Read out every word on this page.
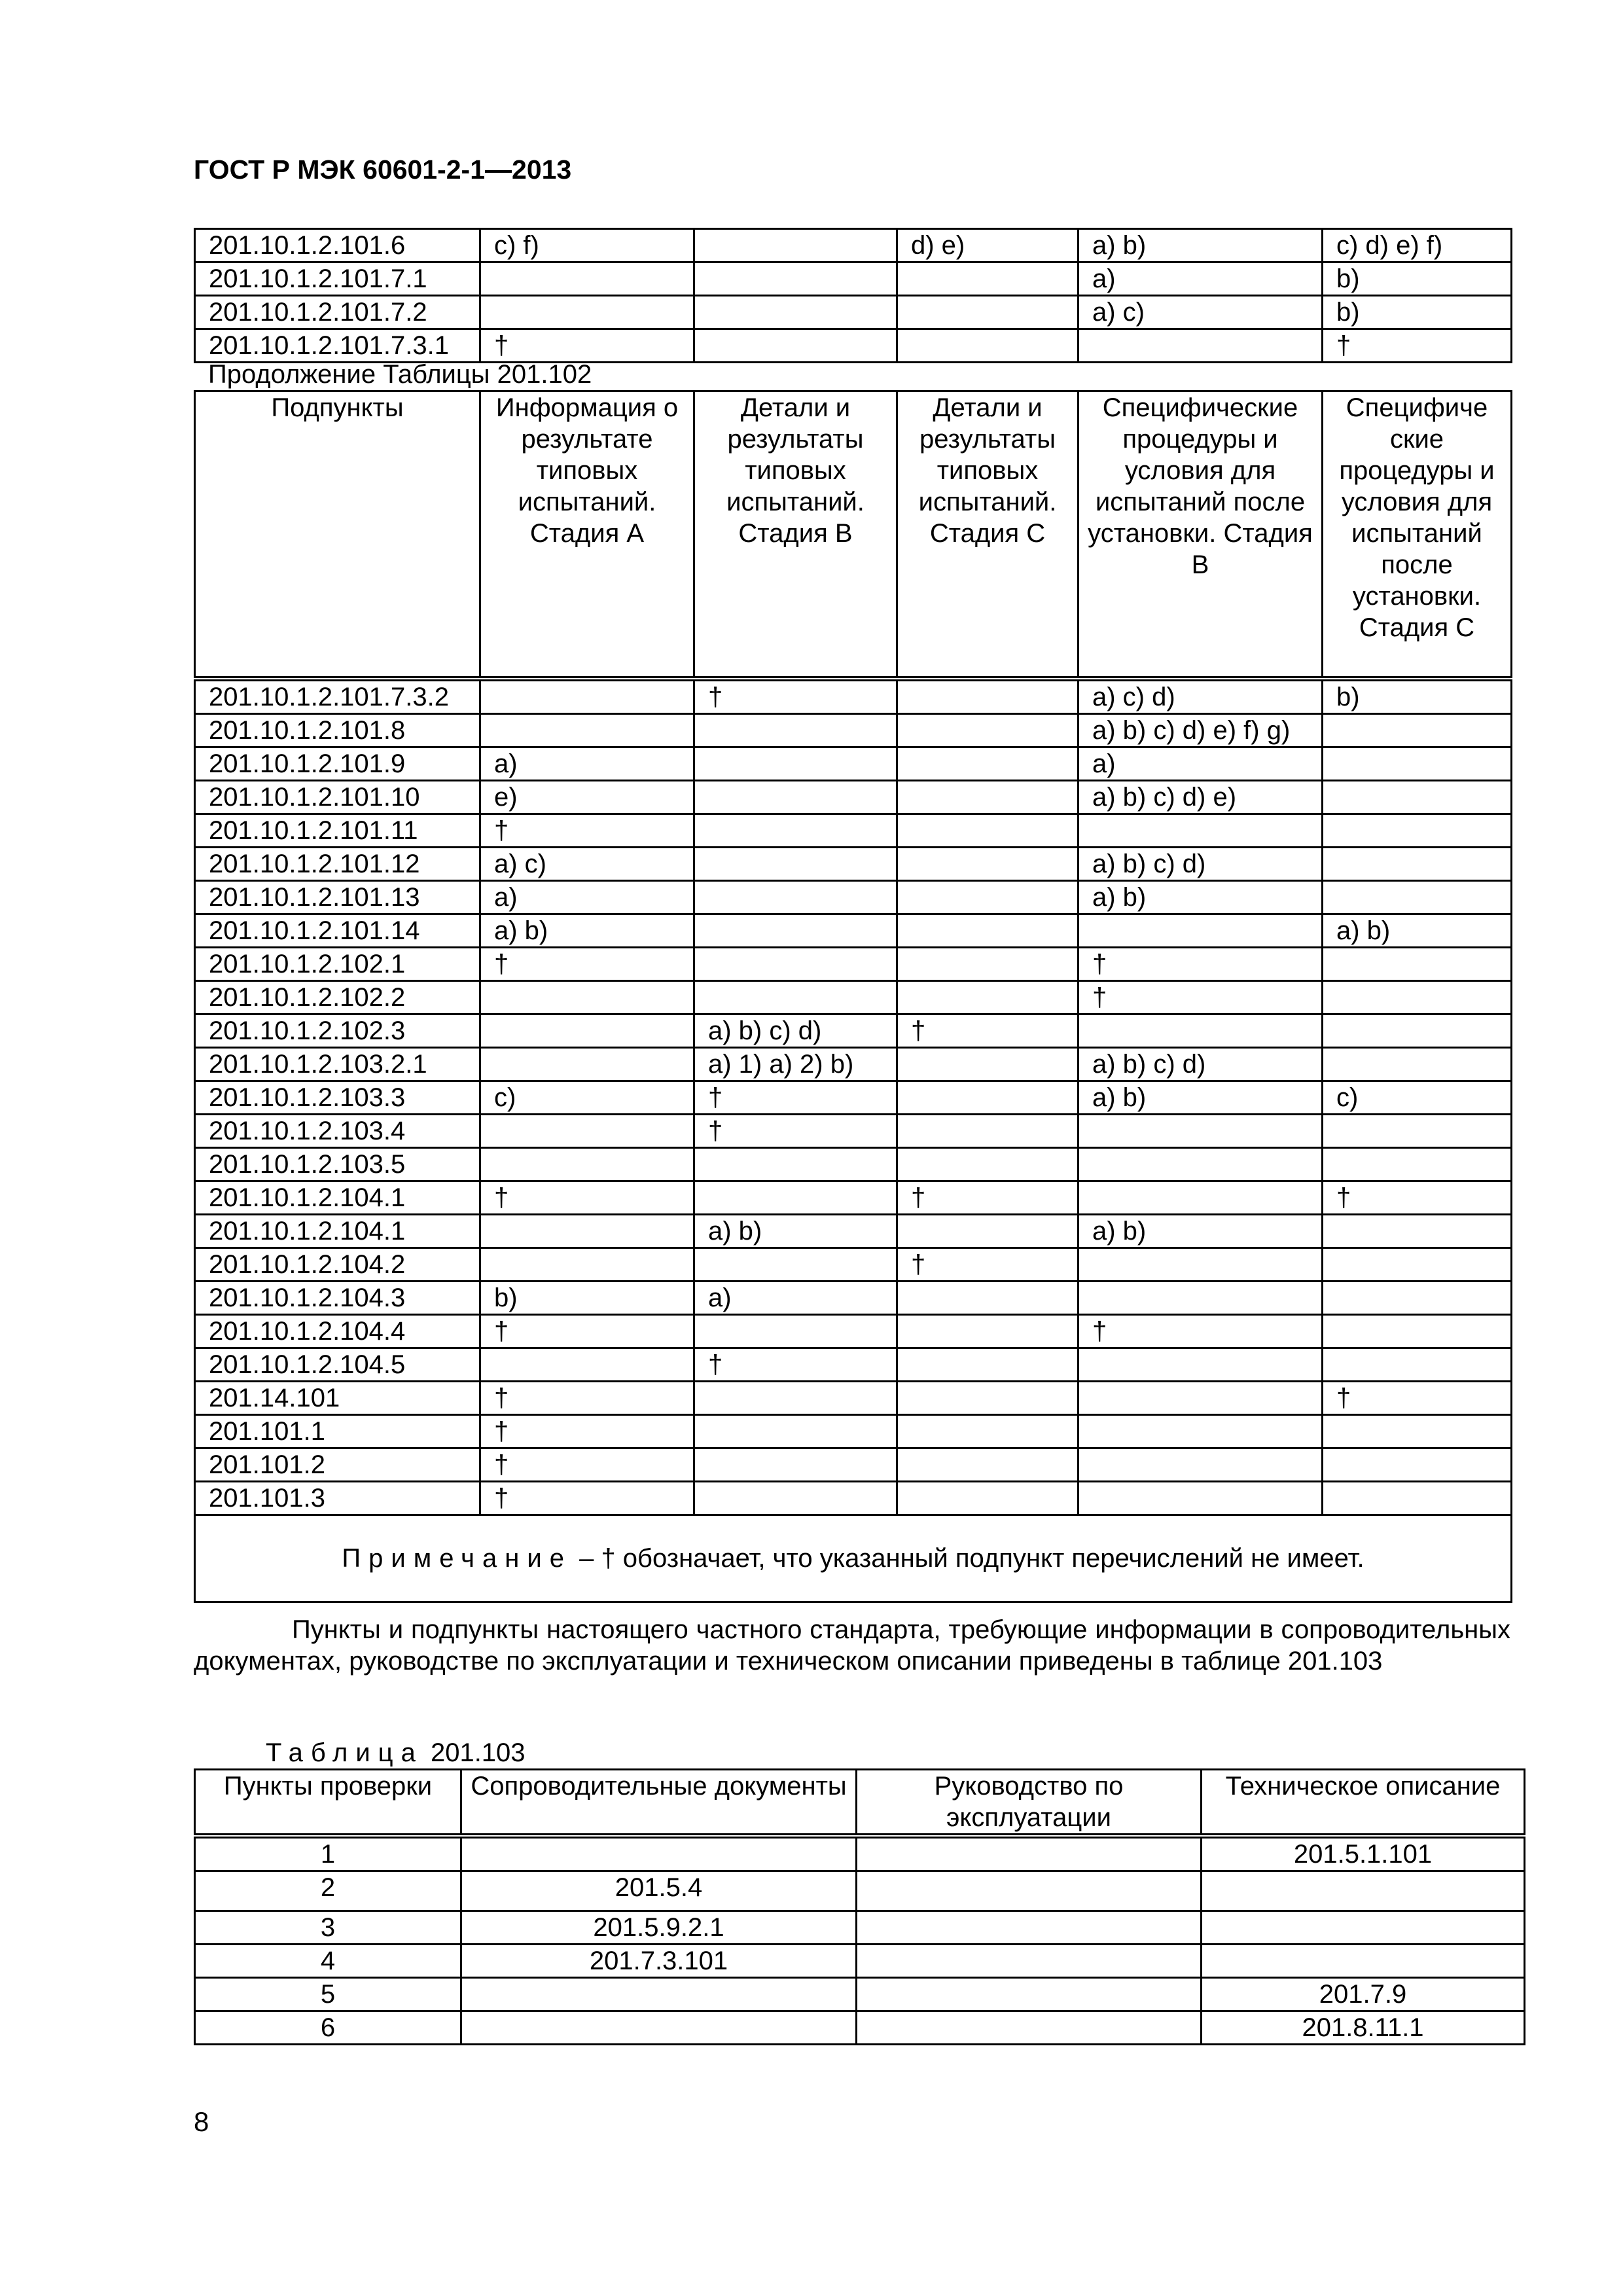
ГОСТ Р МЭК 60601-2-1—2013
201.10.1.2.101.6	c) f)		d) e)	a) b)	c) d) e) f)
201.10.1.2.101.7.1				a)	b)
201.10.1.2.101.7.2				a) c)	b)
201.10.1.2.101.7.3.1	†				†
Продолжение Таблицы 201.102
Подпункты	Информация о результате типовых испытаний. Стадия А	Детали и результаты типовых испытаний. Стадия В	Детали и результаты типовых испытаний. Стадия С	Специфические процедуры и условия для испытаний после установки. Стадия В	Специфиче ские процедуры и условия для испытаний после установки. Стадия С
201.10.1.2.101.7.3.2		†		a) c) d)	b)
201.10.1.2.101.8				a) b) c) d) e) f) g)	
201.10.1.2.101.9	a)			a)	
201.10.1.2.101.10	e)			a) b) c) d) e)	
201.10.1.2.101.11	†				
201.10.1.2.101.12	a) c)			a) b) c) d)	
201.10.1.2.101.13	a)			a) b)	
201.10.1.2.101.14	a) b)				a) b)
201.10.1.2.102.1	†			†	
201.10.1.2.102.2				†	
201.10.1.2.102.3		a) b) c) d)	†		
201.10.1.2.103.2.1		a) 1) a) 2) b)		a) b) c) d)	
201.10.1.2.103.3	c)	†		a) b)	c)
201.10.1.2.103.4		†			
201.10.1.2.103.5					
201.10.1.2.104.1	†		†		†
201.10.1.2.104.1		a) b)		a) b)	
201.10.1.2.104.2			†		
201.10.1.2.104.3	b)	a)			
201.10.1.2.104.4	†			†	
201.10.1.2.104.5		†			
201.14.101	†				†
201.101.1	†				
201.101.2	†				
201.101.3	†				
Примечание – † обозначает, что указанный подпункт перечислений не имеет.					
Пункты и подпункты настоящего частного стандарта, требующие информации в сопроводительных документах, руководстве по эксплуатации и техническом описании приведены в таблице 201.103
Таблица 201.103
Пункты проверки	Сопроводительные документы	Руководство по эксплуатации	Техническое описание
1			201.5.1.101
2	201.5.4		
3	201.5.9.2.1		
4	201.7.3.101		
5			201.7.9
6			201.8.11.1
8
